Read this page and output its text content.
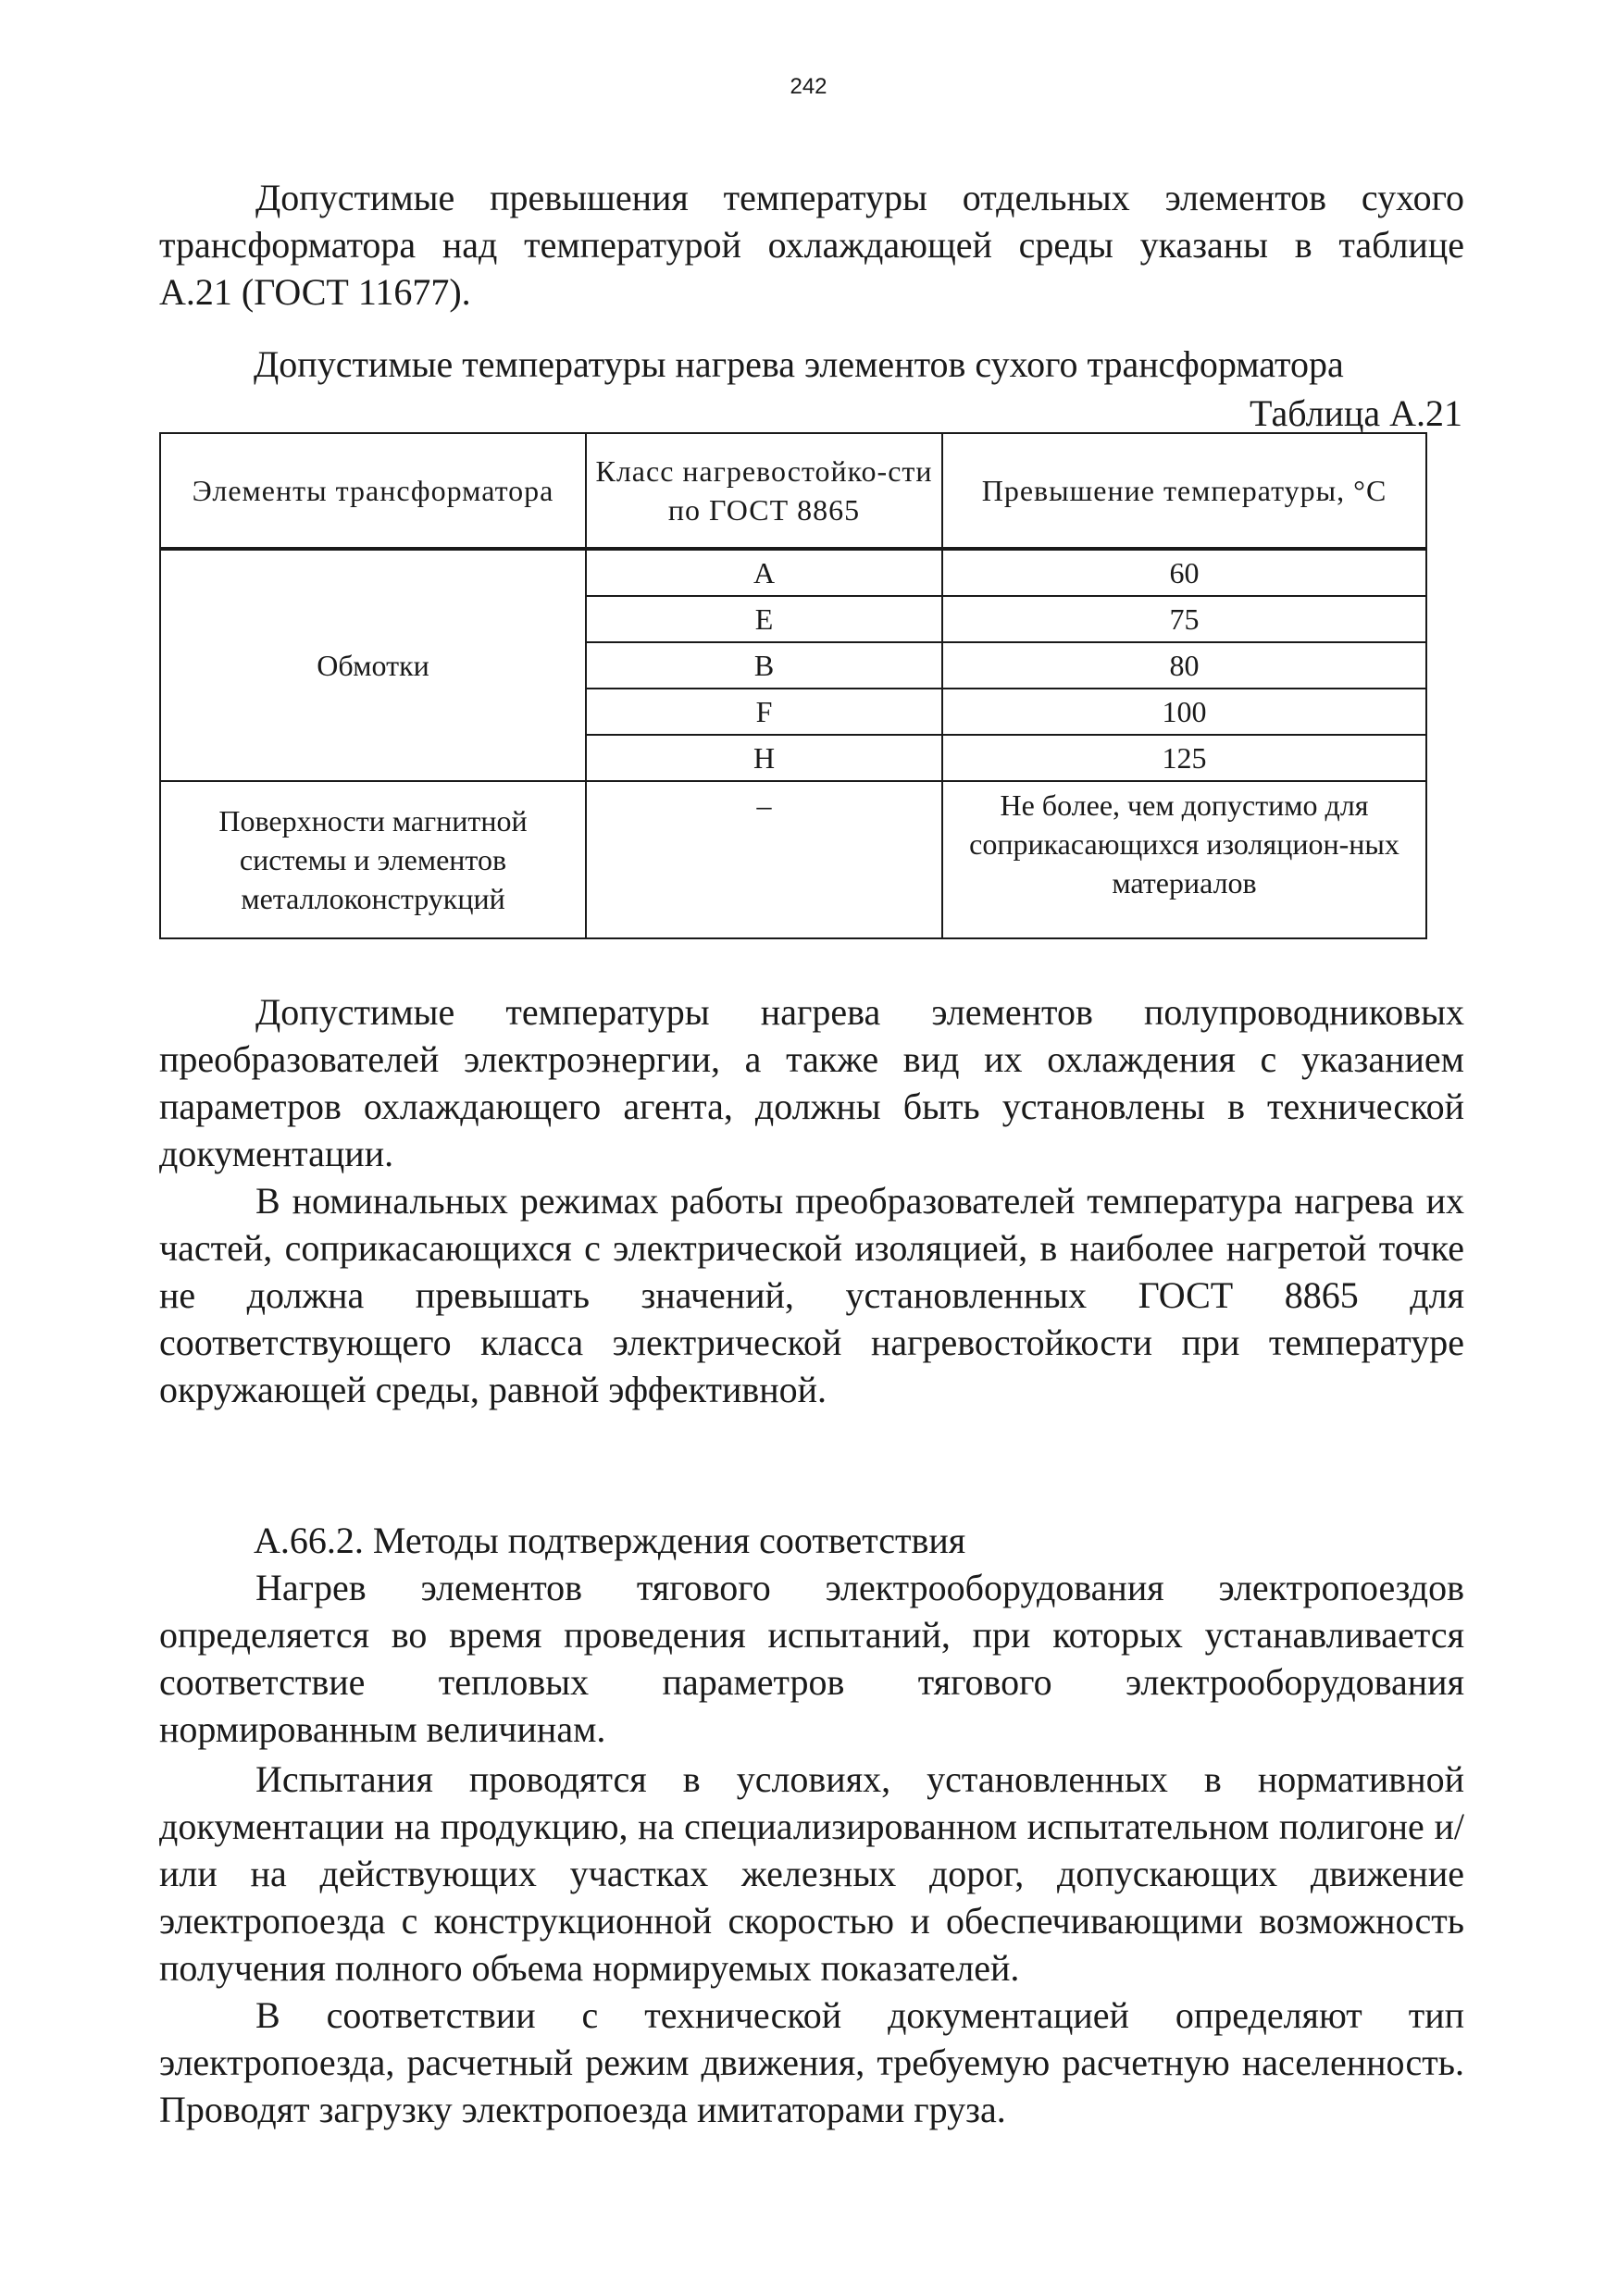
242
Допустимые превышения температуры отдельных элементов сухого
трансформатора над температурой охлаждающей среды указаны в таблице
А.21 (ГОСТ 11677).
Допустимые температуры нагрева элементов сухого трансформатора
Таблица А.21
Элементы трансформатора	Класс нагревостойко-сти по ГОСТ 8865	Превышение температуры, °С
Обмотки	А	60
	Е	75
	В	80
	F	100
	Н	125
Поверхности магнитной системы и элементов металлоконструкций	–	Не более, чем допустимо для соприкасающихся изоляцион-ных материалов
Допустимые температуры нагрева элементов полупроводниковых преобразователей электроэнергии, а также вид их охлаждения с указанием параметров охлаждающего агента, должны быть установлены в технической документации.
В номинальных режимах работы преобразователей температура нагрева их частей, соприкасающихся с электрической изоляцией, в наиболее нагретой точке не должна превышать значений, установленных ГОСТ 8865 для соответствующего класса электрической нагревостойкости при температуре окружающей среды, равной эффективной.
А.66.2. Методы подтверждения соответствия
Нагрев элементов тягового электрооборудования электропоездов определяется во время проведения испытаний, при которых устанавливается соответствие тепловых параметров тягового электрооборудования нормированным величинам.
Испытания проводятся в условиях, установленных в нормативной документации на продукцию, на специализированном испытательном полигоне и/или на действующих участках железных дорог, допускающих движение электропоезда с конструкционной скоростью и обеспечивающими возможность получения полного объема нормируемых показателей.
В соответствии с технической документацией определяют тип электропоезда, расчетный режим движения, требуемую расчетную населенность. Проводят загрузку электропоезда имитаторами груза.
